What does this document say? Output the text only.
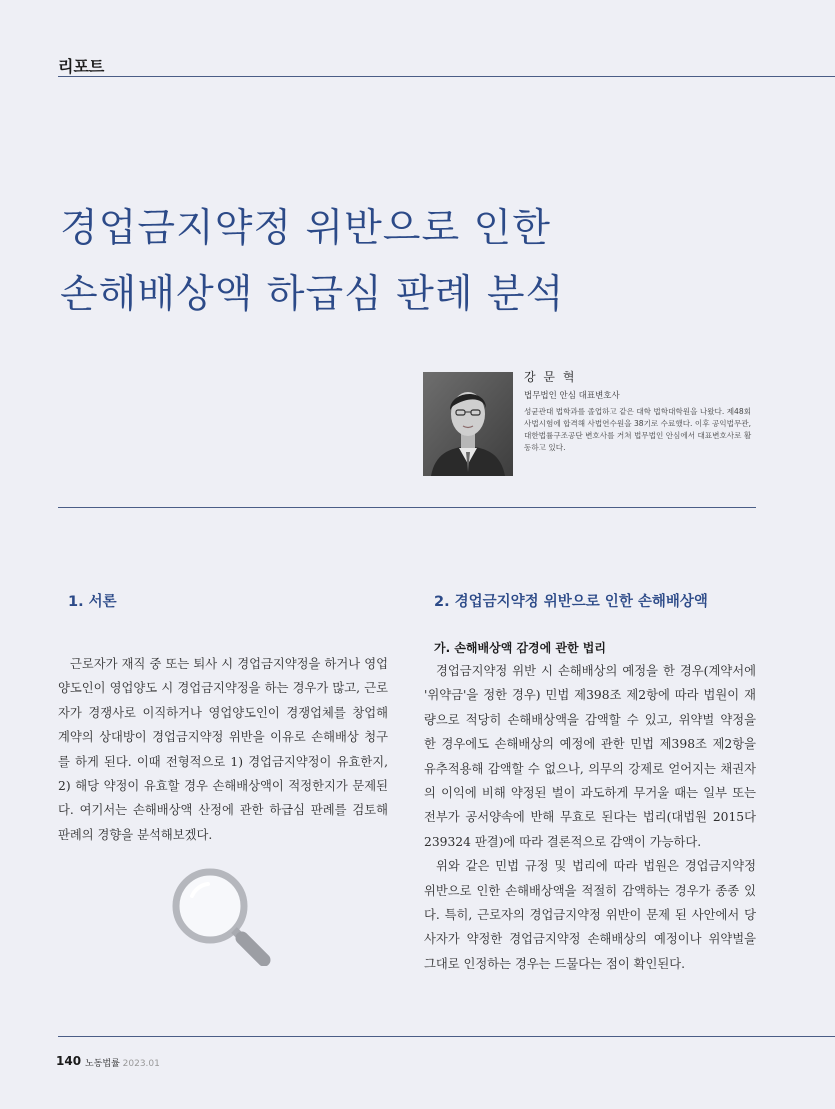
리포트
경업금지약정 위반으로 인한
손해배상액 하급심 판례 분석
강 문 혁
법무법인 안심 대표변호사
성균관대 법학과를 졸업하고 같은 대학 법학대학원을 나왔다. 제48회 사법시험에 합격해 사법연수원을 38기로 수료했다. 이후 공익법무관, 대한법률구조공단 변호사를 거쳐 법무법인 안심에서 대표변호사로 활동하고 있다.
1. 서론

근로자가 재직 중 또는 퇴사 시 경업금지약정을 하거나 영업양도인이 영업양도 시 경업금지약정을 하는 경우가 많고, 근로자가 경쟁사로 이직하거나 영업양도인이 경쟁업체를 창업해 계약의 상대방이 경업금지약정 위반을 이유로 손해배상 청구를 하게 된다. 이때 전형적으로 1) 경업금지약정이 유효한지, 2) 해당 약정이 유효할 경우 손해배상액이 적정한지가 문제된다. 여기서는 손해배상액 산정에 관한 하급심 판례를 검토해 판례의 경향을 분석해보겠다.

2. 경업금지약정 위반으로 인한 손해배상액
가. 손해배상액 감경에 관한 법리

경업금지약정 위반 시 손해배상의 예정을 한 경우(계약서에 '위약금'을 정한 경우) 민법 제398조 제2항에 따라 법원이 재량으로 적당히 손해배상액을 감액할 수 있고, 위약벌 약정을 한 경우에도 손해배상의 예정에 관한 민법 제398조 제2항을 유추적용해 감액할 수 없으나, 의무의 강제로 얻어지는 채권자의 이익에 비해 약정된 벌이 과도하게 무거울 때는 일부 또는 전부가 공서양속에 반해 무효로 된다는 법리(대법원 2015다239324 판결)에 따라 결론적으로 감액이 가능하다.

위와 같은 민법 규정 및 법리에 따라 법원은 경업금지약정 위반으로 인한 손해배상액을 적절히 감액하는 경우가 종종 있다. 특히, 근로자의 경업금지약정 위반이 문제 된 사안에서 당사자가 약정한 경업금지약정 손해배상의 예정이나 위약벌을 그대로 인정하는 경우는 드물다는 점이 확인된다.

140 노동법률 2023.01
